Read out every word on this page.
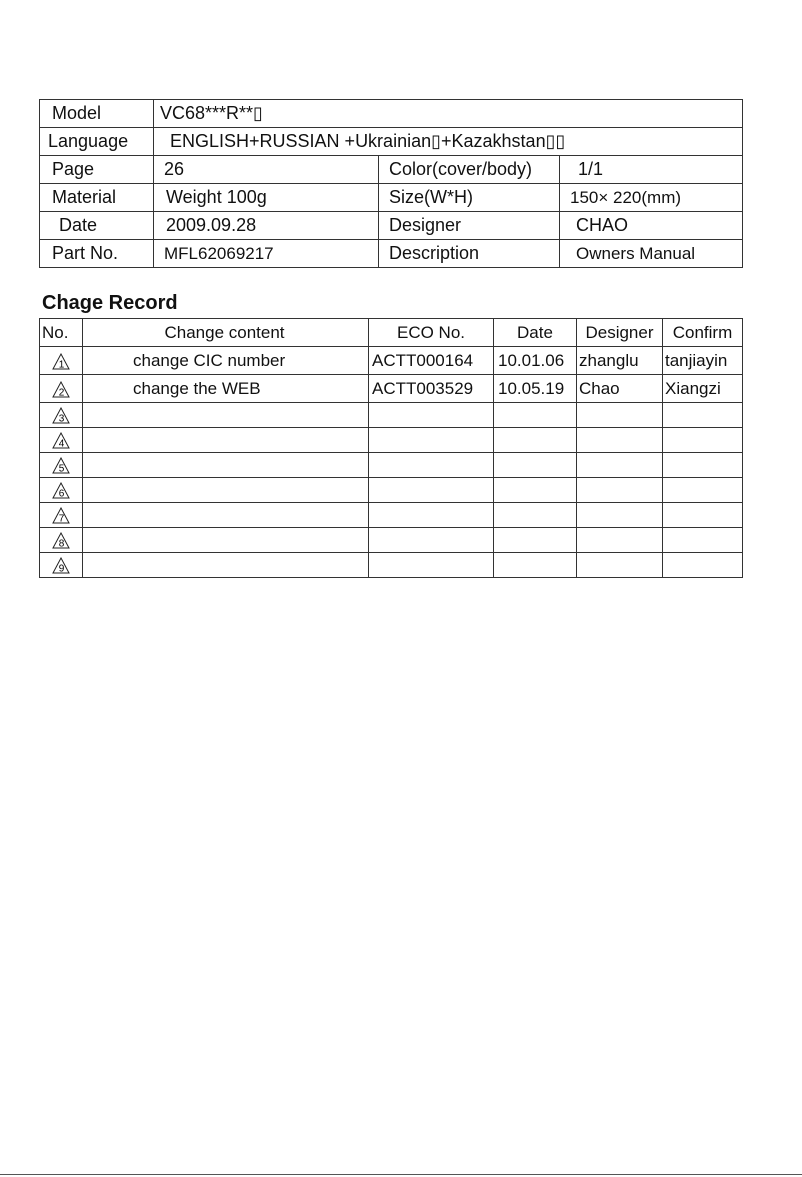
Model	VC68***R**▯		
Language	ENGLISH+RUSSIAN +Ukrainian▯+Kazakhstan▯▯		
Page	26	Color(cover/body)	1/1
Material	Weight 100g	Size(W*H)	150× 220(mm)
Date	2009.09.28	Designer	CHAO
Part No.	MFL62069217	Description	Owners Manual
Chage Record
No.	Change content	ECO No.	Date	Designer	Confirm

1	change CIC number	ACTT000164	10.01.06	zhanglu	tanjiayin

2	change the WEB	ACTT003529	10.05.19	Chao	Xiangzi

3					

4					

5					

6					

7					

8					

9					
